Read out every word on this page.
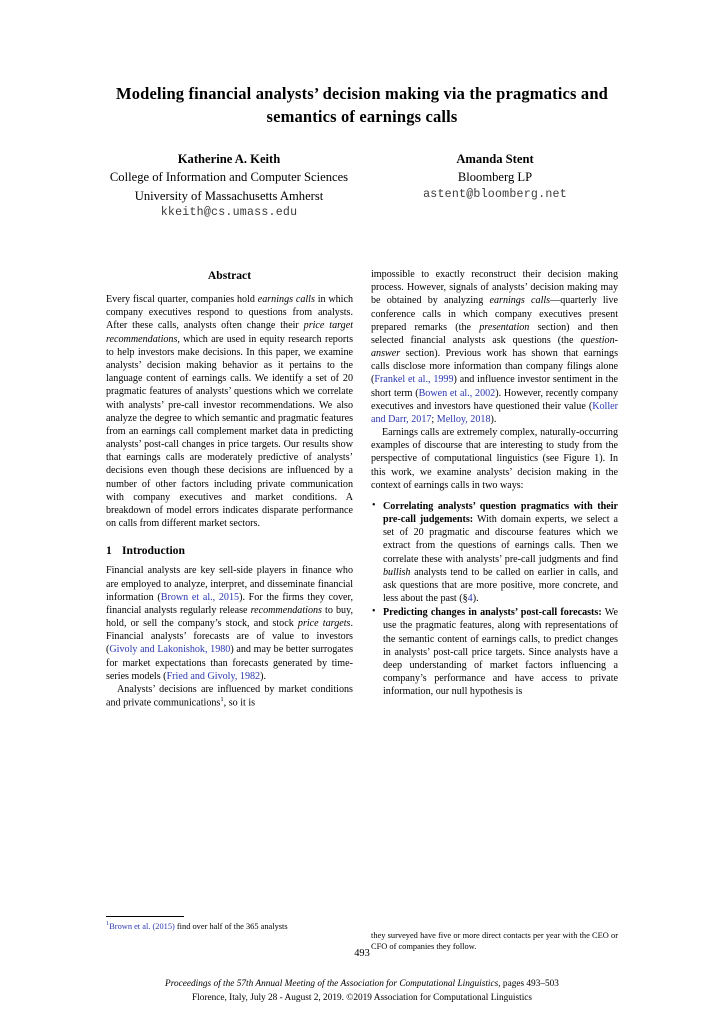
Modeling financial analysts’ decision making via the pragmatics and semantics of earnings calls
Katherine A. Keith
College of Information and Computer Sciences
University of Massachusetts Amherst
kkeith@cs.umass.edu
Amanda Stent
Bloomberg LP
astent@bloomberg.net
Abstract

Every fiscal quarter, companies hold earnings calls in which company executives respond to questions from analysts. After these calls, analysts often change their price target recommendations, which are used in equity research reports to help investors make decisions. In this paper, we examine analysts’ decision making behavior as it pertains to the language content of earnings calls. We identify a set of 20 pragmatic features of analysts’ questions which we correlate with analysts’ pre-call investor recommendations. We also analyze the degree to which semantic and pragmatic features from an earnings call complement market data in predicting analysts’ post-call changes in price targets. Our results show that earnings calls are moderately predictive of analysts’ decisions even though these decisions are influenced by a number of other factors including private communication with company executives and market conditions. A breakdown of model errors indicates disparate performance on calls from different market sectors.

1 Introduction

Financial analysts are key sell-side players in finance who are employed to analyze, interpret, and disseminate financial information (Brown et al., 2015). For the firms they cover, financial analysts regularly release recommendations to buy, hold, or sell the company’s stock, and stock price targets. Financial analysts’ forecasts are of value to investors (Givoly and Lakonishok, 1980) and may be better surrogates for market expectations than forecasts generated by time-series models (Fried and Givoly, 1982).

Analysts’ decisions are influenced by market conditions and private communications$^1$, so it is

impossible to exactly reconstruct their decision making process. However, signals of analysts’ decision making may be obtained by analyzing earnings calls—quarterly live conference calls in which company executives present prepared remarks (the presentation section) and then selected financial analysts ask questions (the question-answer section). Previous work has shown that earnings calls disclose more information than company filings alone (Frankel et al., 1999) and influence investor sentiment in the short term (Bowen et al., 2002). However, recently company executives and investors have questioned their value (Koller and Darr, 2017; Melloy, 2018).

Earnings calls are extremely complex, naturally-occurring examples of discourse that are interesting to study from the perspective of computational linguistics (see Figure 1). In this work, we examine analysts’ decision making in the context of earnings calls in two ways:

• Correlating analysts’ question pragmatics with their pre-call judgements: With domain experts, we select a set of 20 pragmatic and discourse features which we extract from the questions of earnings calls. Then we correlate these with analysts’ pre-call judgments and find bullish analysts tend to be called on earlier in calls, and ask questions that are more positive, more concrete, and less about the past (§4).
• Predicting changes in analysts’ post-call forecasts: We use the pragmatic features, along with representations of the semantic content of earnings calls, to predict changes in analysts’ post-call price targets. Since analysts have a deep understanding of market factors influencing a company’s performance and have access to private information, our null hypothesis is
$^1$Brown et al. (2015) find over half of the 365 analysts
they surveyed have five or more direct contacts per year with the CEO or CFO of companies they follow.
493
Proceedings of the 57th Annual Meeting of the Association for Computational Linguistics, pages 493–503
Florence, Italy, July 28 - August 2, 2019. ©2019 Association for Computational Linguistics
